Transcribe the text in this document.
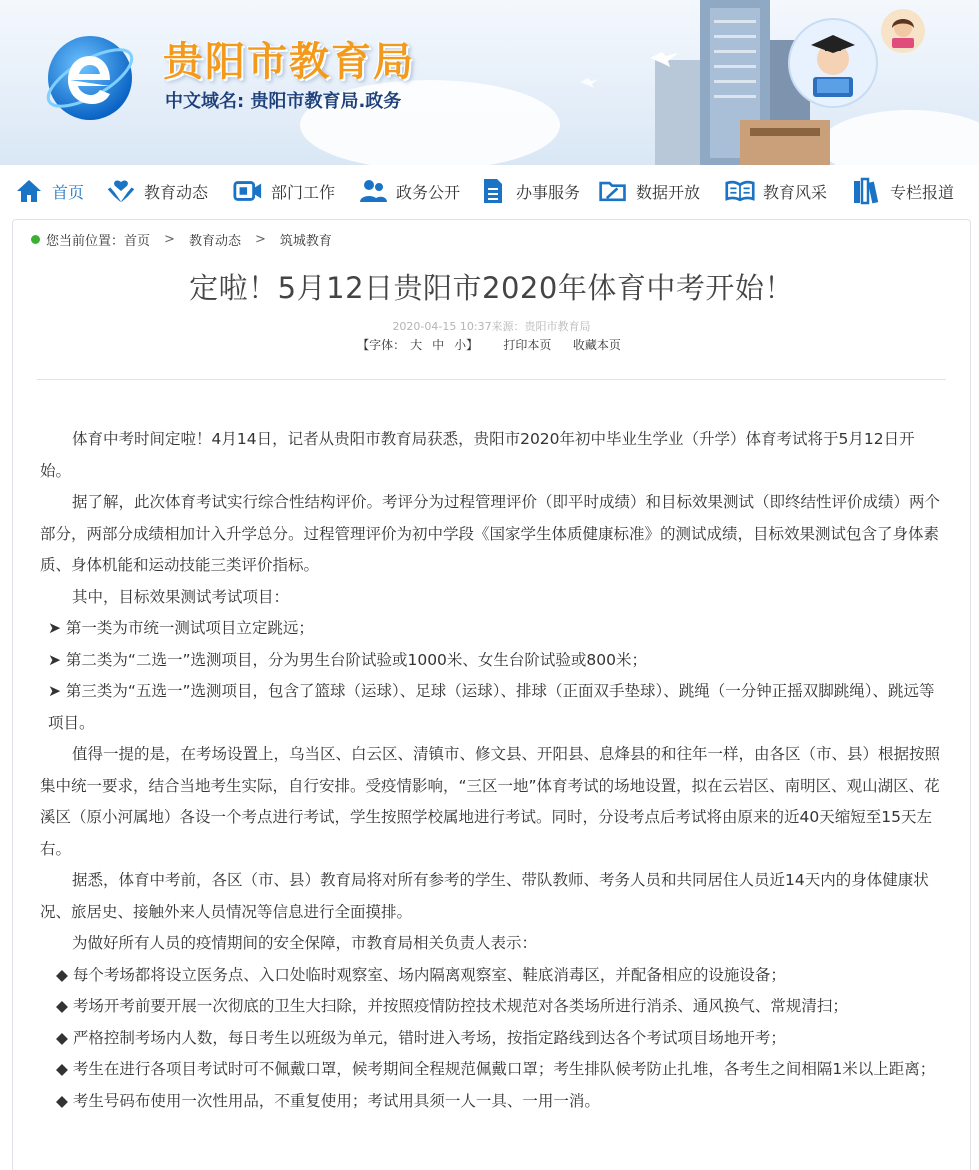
贵阳市教育局
中文域名: 贵阳市教育局.政务
首页	教育动态	部门工作	政务公开	办事服务	数据开放	教育风采	专栏报道
您当前位置： 首页 > 教育动态 > 筑城教育
定啦！5月12日贵阳市2020年体育中考开始！
2020-04-15 10:37来源：贵阳市教育局
【字体： 大 中 小】 打印本页 收藏本页

体育中考时间定啦！4月14日，记者从贵阳市教育局获悉，贵阳市2020年初中毕业生学业（升学）体育考试将于5月12日开始。

据了解，此次体育考试实行综合性结构评价。考评分为过程管理评价（即平时成绩）和目标效果测试（即终结性评价成绩）两个部分，两部分成绩相加计入升学总分。过程管理评价为初中学段《国家学生体质健康标准》的测试成绩，目标效果测试包含了身体素质、身体机能和运动技能三类评价指标。

其中，目标效果测试考试项目：

➤ 第一类为市统一测试项目立定跳远；

➤ 第二类为“二选一”选测项目，分为男生台阶试验或1000米、女生台阶试验或800米；

➤ 第三类为“五选一”选测项目，包含了篮球（运球）、足球（运球）、排球（正面双手垫球）、跳绳（一分钟正摇双脚跳绳）、跳远等项目。

值得一提的是，在考场设置上，乌当区、白云区、清镇市、修文县、开阳县、息烽县的和往年一样，由各区（市、县）根据按照集中统一要求，结合当地考生实际，自行安排。受疫情影响，“三区一地”体育考试的场地设置，拟在云岩区、南明区、观山湖区、花溪区（原小河属地）各设一个考点进行考试，学生按照学校属地进行考试。同时，分设考点后考试将由原来的近40天缩短至15天左右。

据悉，体育中考前，各区（市、县）教育局将对所有参考的学生、带队教师、考务人员和共同居住人员近14天内的身体健康状况、旅居史、接触外来人员情况等信息进行全面摸排。

为做好所有人员的疫情期间的安全保障，市教育局相关负责人表示：

◆ 每个考场都将设立医务点、入口处临时观察室、场内隔离观察室、鞋底消毒区，并配备相应的设施设备；

◆ 考场开考前要开展一次彻底的卫生大扫除，并按照疫情防控技术规范对各类场所进行消杀、通风换气、常规清扫；

◆ 严格控制考场内人数，每日考生以班级为单元，错时进入考场，按指定路线到达各个考试项目场地开考；

◆ 考生在进行各项目考试时可不佩戴口罩，候考期间全程规范佩戴口罩；考生排队候考防止扎堆，各考生之间相隔1米以上距离；

◆ 考生号码布使用一次性用品，不重复使用；考试用具须一人一具、一用一消。
